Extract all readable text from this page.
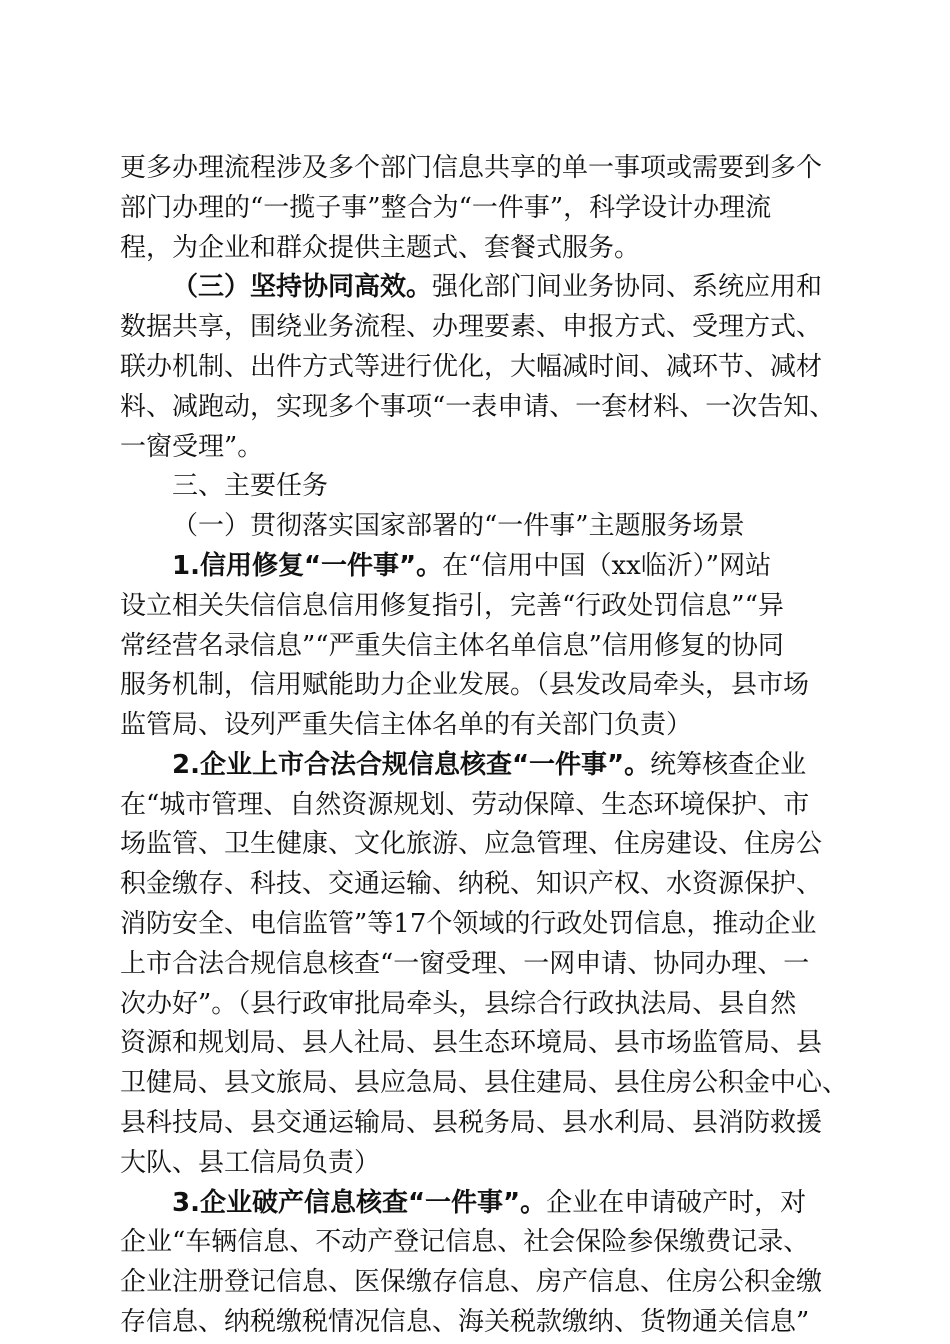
更多办理流程涉及多个部门信息共享的单一事项或需要到多个
部门办理的“一揽子事”整合为“一件事”，科学设计办理流
程，为企业和群众提供主题式、套餐式服务。
（三）坚持协同高效。强化部门间业务协同、系统应用和
数据共享，围绕业务流程、办理要素、申报方式、受理方式、
联办机制、出件方式等进行优化，大幅减时间、减环节、减材
料、减跑动，实现多个事项“一表申请、一套材料、一次告知、
一窗受理”。
三、主要任务
（一）贯彻落实国家部署的“一件事”主题服务场景
1.信用修复“一件事”。在“信用中国（xx临沂）”网站
设立相关失信信息信用修复指引，完善“行政处罚信息”“异
常经营名录信息”“严重失信主体名单信息”信用修复的协同
服务机制，信用赋能助力企业发展。（县发改局牵头，县市场
监管局、设列严重失信主体名单的有关部门负责）
2.企业上市合法合规信息核查“一件事”。统筹核查企业
在“城市管理、自然资源规划、劳动保障、生态环境保护、市
场监管、卫生健康、文化旅游、应急管理、住房建设、住房公
积金缴存、科技、交通运输、纳税、知识产权、水资源保护、
消防安全、电信监管”等17个领域的行政处罚信息，推动企业
上市合法合规信息核查“一窗受理、一网申请、协同办理、一
次办好”。（县行政审批局牵头，县综合行政执法局、县自然
资源和规划局、县人社局、县生态环境局、县市场监管局、县
卫健局、县文旅局、县应急局、县住建局、县住房公积金中心、
县科技局、县交通运输局、县税务局、县水利局、县消防救援
大队、县工信局负责）
3.企业破产信息核查“一件事”。企业在申请破产时，对
企业“车辆信息、不动产登记信息、社会保险参保缴费记录、
企业注册登记信息、医保缴存信息、房产信息、住房公积金缴
存信息、纳税缴税情况信息、海关税款缴纳、货物通关信息”
